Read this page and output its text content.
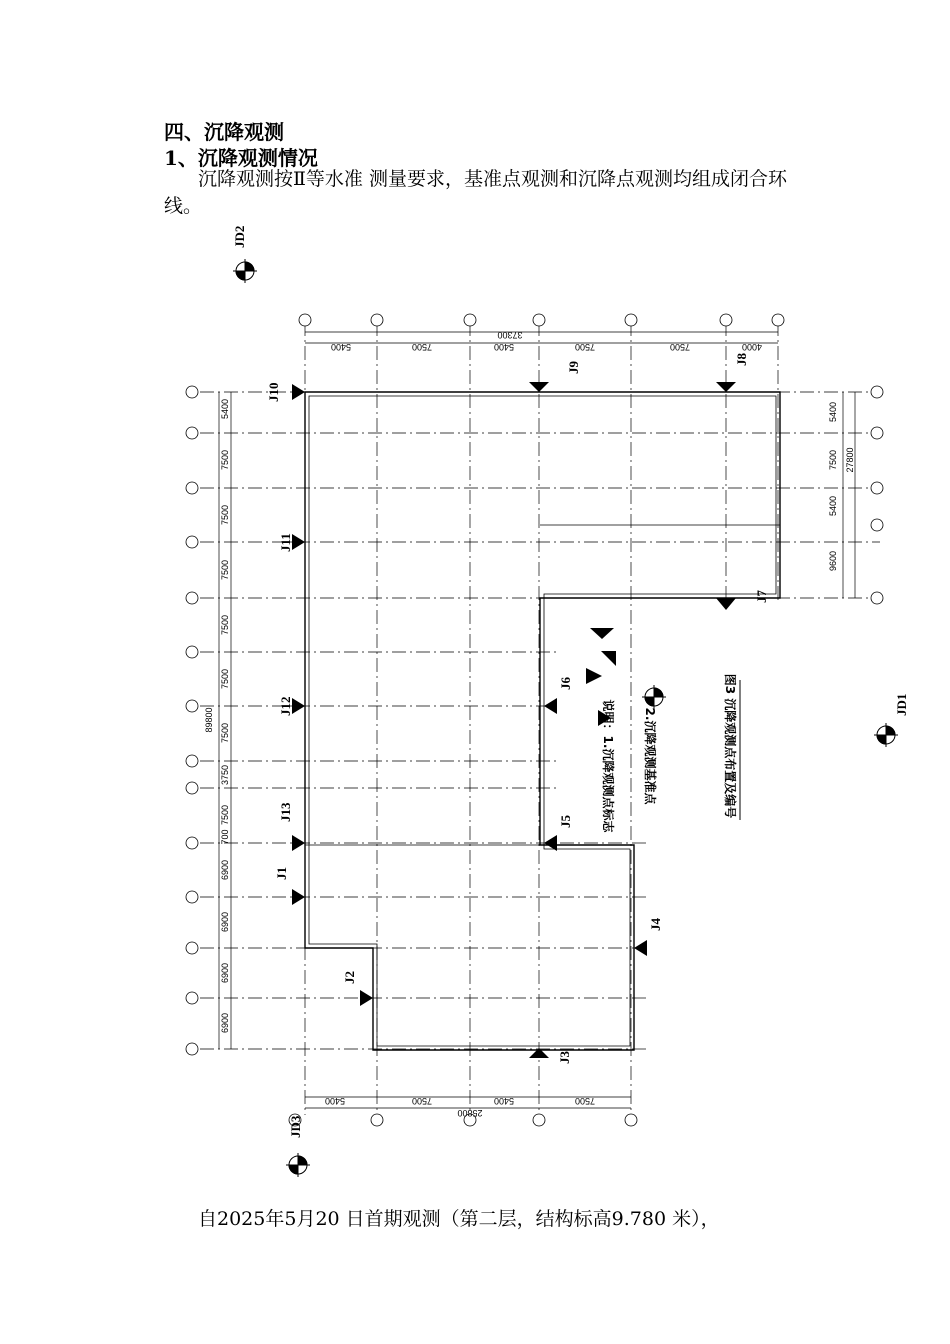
四、沉降观测
1、沉降观测情况
沉降观测按Ⅱ等水准 测量要求，基准点观测和沉降点观测均组成闭合环线。
37300
5400	7500	5400	7500	7500	4000
5400	7500	5400	7500
25800
5400
7500
7500
7500
7500
7500
7500
3750
7500
700
6900
6900
6900
6900
89800
5400
7500
5400
9600
27800
J1
J2
J3
J4
J5
J6
J7
J8
J9
J10
J11
J12
J13
JD1
JD2
JD3
说明：1.沉降观测点标志 2.沉降观测基准点	图3 沉降观测点布置及编号
自2025年5月20 日首期观测（第二层，结构标高9.780 米），
